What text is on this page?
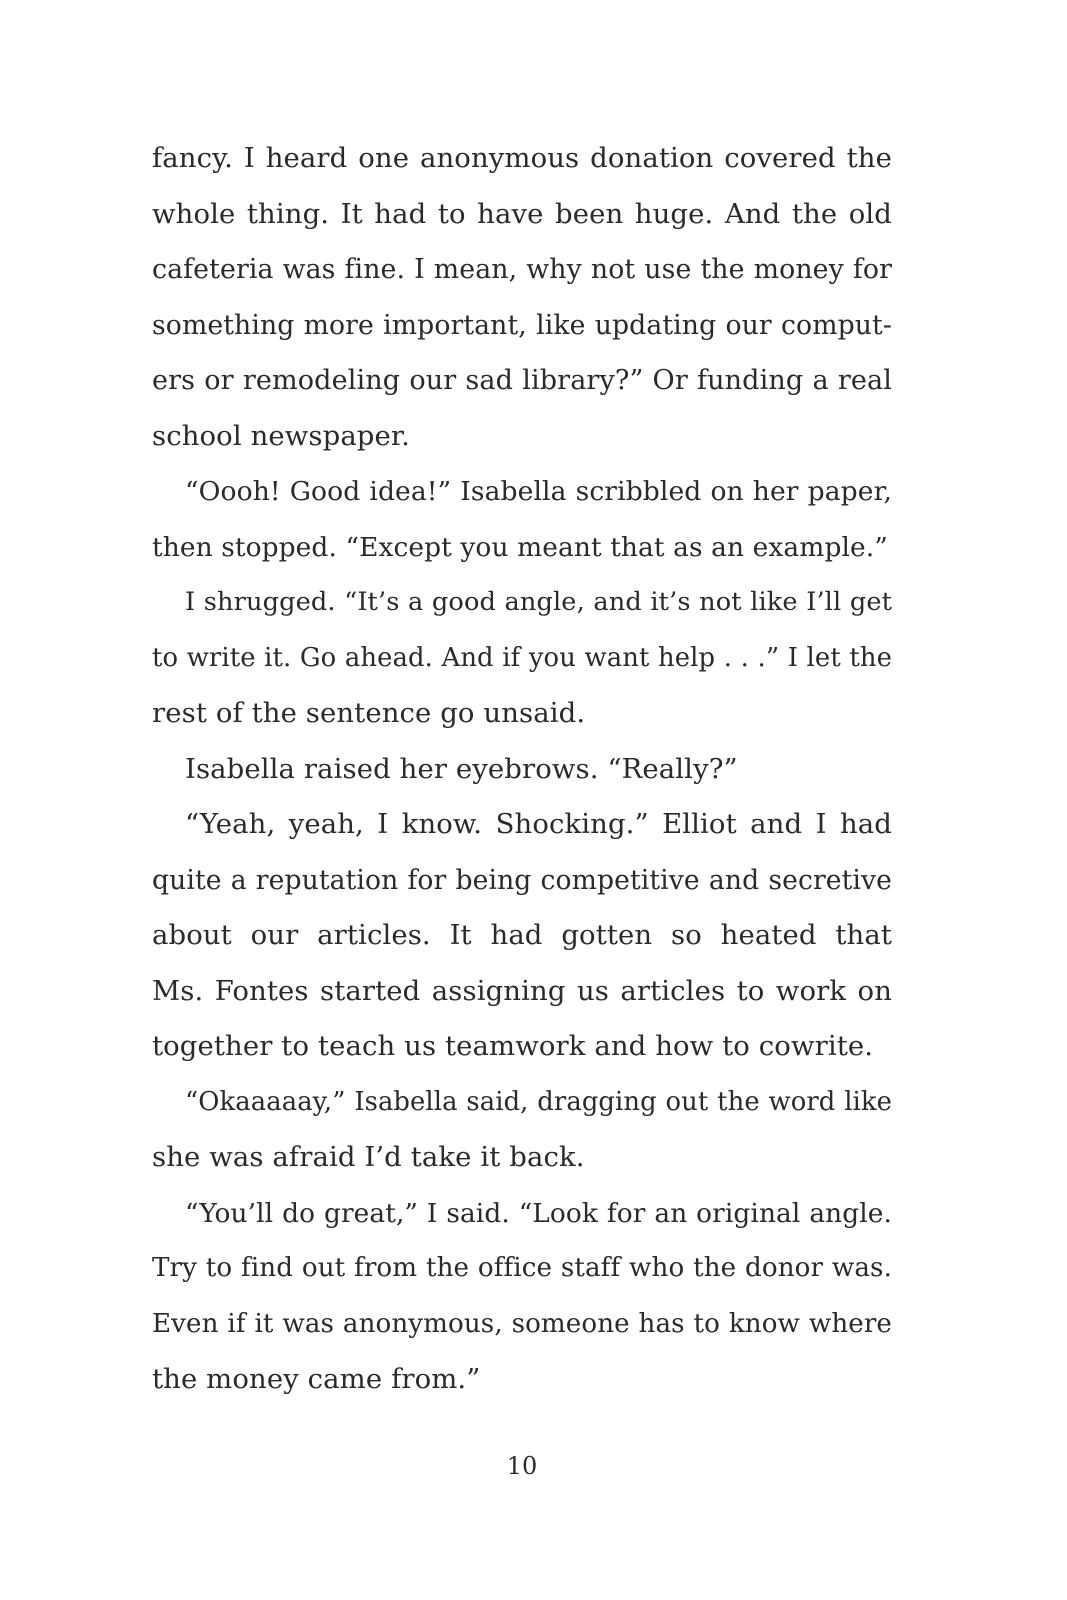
fancy. I heard one anonymous donation covered the
whole thing. It had to have been huge. And the old
cafeteria was fine. I mean, why not use the money for
something more important, like updating our comput-
ers or remodeling our sad library?” Or funding a real
school newspaper.
“Oooh! Good idea!” Isabella scribbled on her paper,
then stopped. “Except you meant that as an example.”
I shrugged. “It’s a good angle, and it’s not like I’ll get
to write it. Go ahead. And if you want help . . .” I let the
rest of the sentence go unsaid.
Isabella raised her eyebrows. “Really?”
“Yeah, yeah, I know. Shocking.” Elliot and I had
quite a reputation for being competitive and secretive
about our articles. It had gotten so heated that
Ms. Fontes started assigning us articles to work on
together to teach us teamwork and how to cowrite.
“Okaaaaay,” Isabella said, dragging out the word like
she was afraid I’d take it back.
“You’ll do great,” I said. “Look for an original angle.
Try to find out from the office staff who the donor was.
Even if it was anonymous, someone has to know where
the money came from.”
10
